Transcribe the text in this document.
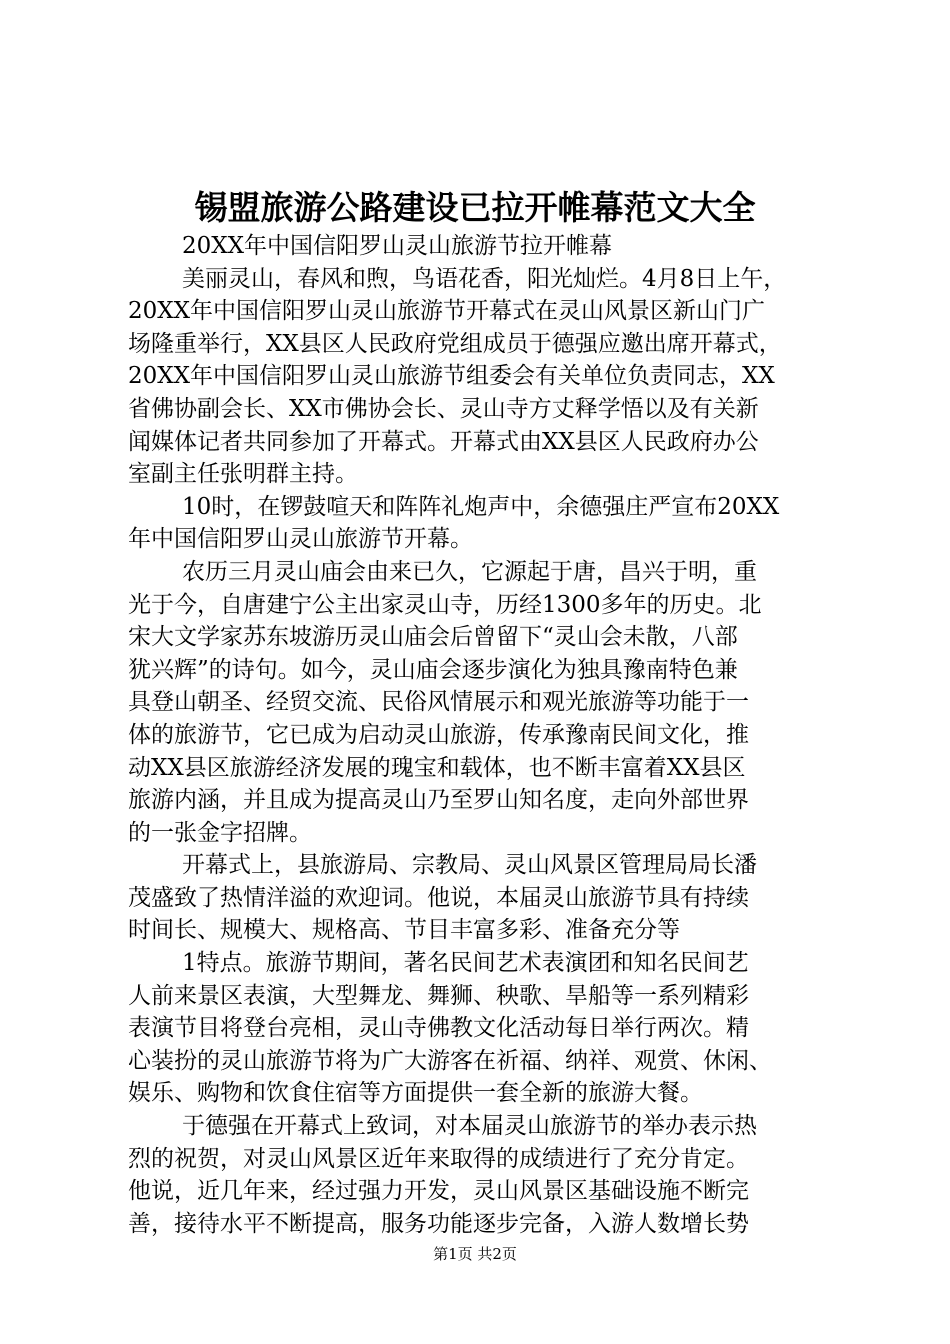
锡盟旅游公路建设已拉开帷幕范文大全
20XX年中国信阳罗山灵山旅游节拉开帷幕
美丽灵山，春风和煦，鸟语花香，阳光灿烂。4月8日上午，
20XX年中国信阳罗山灵山旅游节开幕式在灵山风景区新山门广
场隆重举行，XX县区人民政府党组成员于德强应邀出席开幕式，
20XX年中国信阳罗山灵山旅游节组委会有关单位负责同志，XX
省佛协副会长、XX市佛协会长、灵山寺方丈释学悟以及有关新
闻媒体记者共同参加了开幕式。开幕式由XX县区人民政府办公
室副主任张明群主持。
10时，在锣鼓喧天和阵阵礼炮声中，余德强庄严宣布20XX
年中国信阳罗山灵山旅游节开幕。
农历三月灵山庙会由来已久，它源起于唐，昌兴于明，重
光于今，自唐建宁公主出家灵山寺，历经1300多年的历史。北
宋大文学家苏东坡游历灵山庙会后曾留下“灵山会未散，八部
犹兴辉”的诗句。如今，灵山庙会逐步演化为独具豫南特色兼
具登山朝圣、经贸交流、民俗风情展示和观光旅游等功能于一
体的旅游节，它已成为启动灵山旅游，传承豫南民间文化，推
动XX县区旅游经济发展的瑰宝和载体，也不断丰富着XX县区
旅游内涵，并且成为提高灵山乃至罗山知名度，走向外部世界
的一张金字招牌。
开幕式上，县旅游局、宗教局、灵山风景区管理局局长潘
茂盛致了热情洋溢的欢迎词。他说，本届灵山旅游节具有持续
时间长、规模大、规格高、节目丰富多彩、准备充分等
1特点。旅游节期间，著名民间艺术表演团和知名民间艺
人前来景区表演，大型舞龙、舞狮、秧歌、旱船等一系列精彩
表演节目将登台亮相，灵山寺佛教文化活动每日举行两次。精
心装扮的灵山旅游节将为广大游客在祈福、纳祥、观赏、休闲、
娱乐、购物和饮食住宿等方面提供一套全新的旅游大餐。
于德强在开幕式上致词，对本届灵山旅游节的举办表示热
烈的祝贺，对灵山风景区近年来取得的成绩进行了充分肯定。
他说，近几年来，经过强力开发，灵山风景区基础设施不断完
善，接待水平不断提高，服务功能逐步完备，入游人数增长势
第1页 共2页
